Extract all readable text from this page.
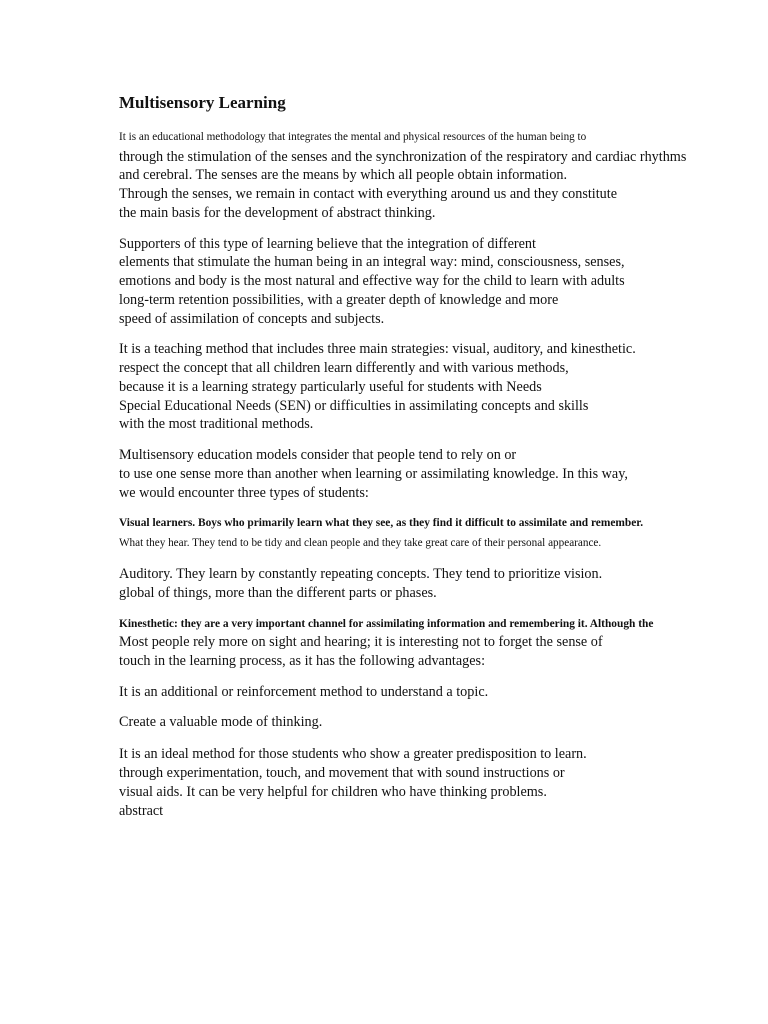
Multisensory Learning

It is an educational methodology that integrates the mental and physical resources of the human being to

through the stimulation of the senses and the synchronization of the respiratory and cardiac rhythms

and cerebral. The senses are the means by which all people obtain information.

Through the senses, we remain in contact with everything around us and they constitute

the main basis for the development of abstract thinking.

Supporters of this type of learning believe that the integration of different

elements that stimulate the human being in an integral way: mind, consciousness, senses,

emotions and body is the most natural and effective way for the child to learn with adults

long-term retention possibilities, with a greater depth of knowledge and more

speed of assimilation of concepts and subjects.

It is a teaching method that includes three main strategies: visual, auditory, and kinesthetic.

respect the concept that all children learn differently and with various methods,

because it is a learning strategy particularly useful for students with Needs

Special Educational Needs (SEN) or difficulties in assimilating concepts and skills

with the most traditional methods.

Multisensory education models consider that people tend to rely on or

to use one sense more than another when learning or assimilating knowledge. In this way,

we would encounter three types of students:

Visual learners. Boys who primarily learn what they see, as they find it difficult to assimilate and remember.

What they hear. They tend to be tidy and clean people and they take great care of their personal appearance.

Auditory. They learn by constantly repeating concepts. They tend to prioritize vision.

global of things, more than the different parts or phases.

Kinesthetic: they are a very important channel for assimilating information and remembering it. Although the

Most people rely more on sight and hearing; it is interesting not to forget the sense of

touch in the learning process, as it has the following advantages:

It is an additional or reinforcement method to understand a topic.

Create a valuable mode of thinking.

It is an ideal method for those students who show a greater predisposition to learn.

through experimentation, touch, and movement that with sound instructions or

visual aids. It can be very helpful for children who have thinking problems.

abstract
